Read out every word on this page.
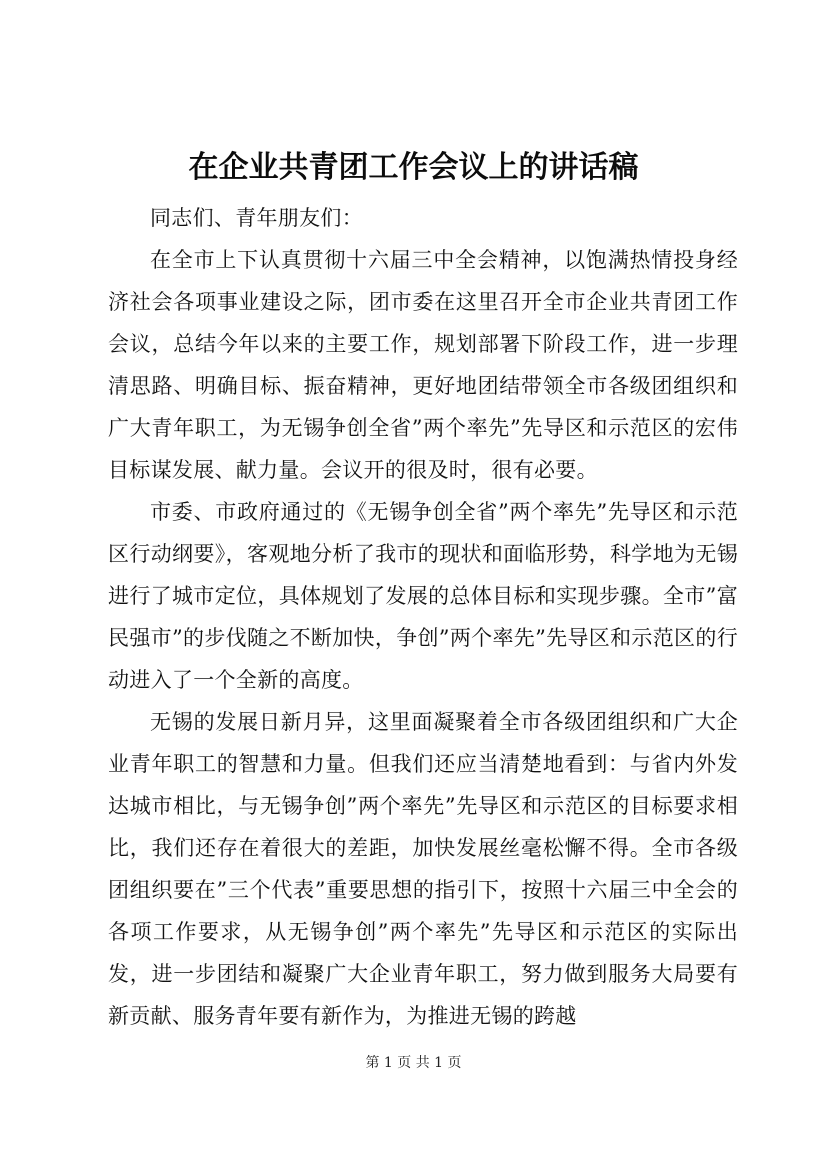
在企业共青团工作会议上的讲话稿

同志们、青年朋友们：

在全市上下认真贯彻十六届三中全会精神，以饱满热情投身经济社会各项事业建设之际，团市委在这里召开全市企业共青团工作会议，总结今年以来的主要工作，规划部署下阶段工作，进一步理清思路、明确目标、振奋精神，更好地团结带领全市各级团组织和广大青年职工，为无锡争创全省”两个率先”先导区和示范区的宏伟目标谋发展、献力量。会议开的很及时，很有必要。

市委、市政府通过的《无锡争创全省”两个率先”先导区和示范区行动纲要》，客观地分析了我市的现状和面临形势，科学地为无锡进行了城市定位，具体规划了发展的总体目标和实现步骤。全市”富民强市”的步伐随之不断加快，争创”两个率先”先导区和示范区的行动进入了一个全新的高度。

无锡的发展日新月异，这里面凝聚着全市各级团组织和广大企业青年职工的智慧和力量。但我们还应当清楚地看到：与省内外发达城市相比，与无锡争创”两个率先”先导区和示范区的目标要求相比，我们还存在着很大的差距，加快发展丝毫松懈不得。全市各级团组织要在”三个代表”重要思想的指引下，按照十六届三中全会的各项工作要求，从无锡争创”两个率先”先导区和示范区的实际出发，进一步团结和凝聚广大企业青年职工，努力做到服务大局要有新贡献、服务青年要有新作为，为推进无锡的跨越

第 1 页 共 1 页
